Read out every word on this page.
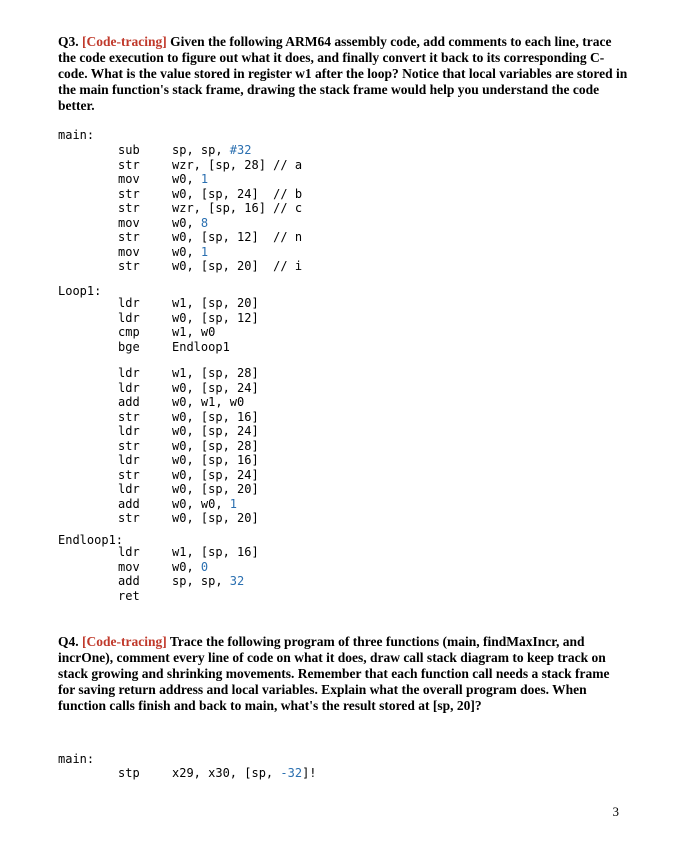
Q3. [Code-tracing] Given the following ARM64 assembly code, add comments to each line, trace the code execution to figure out what it does, and finally convert it back to its corresponding C-code. What is the value stored in register w1 after the loop? Notice that local variables are stored in the main function's stack frame, drawing the stack frame would help you understand the code better.
main:
sub	sp, sp, #32
str	wzr, [sp, 28] // a
mov	w0, 1
str	w0, [sp, 24]  // b
str	wzr, [sp, 16] // c
mov	w0, 8
str	w0, [sp, 12]  // n
mov	w0, 1
str	w0, [sp, 20]  // i
Loop1:
ldr	w1, [sp, 20]
ldr	w0, [sp, 12]
cmp	w1, w0
bge	Endloop1
ldr	w1, [sp, 28]
ldr	w0, [sp, 24]
add	w0, w1, w0
str	w0, [sp, 16]
ldr	w0, [sp, 24]
str	w0, [sp, 28]
ldr	w0, [sp, 16]
str	w0, [sp, 24]
ldr	w0, [sp, 20]
add	w0, w0, 1
str	w0, [sp, 20]
Endloop1:
ldr	w1, [sp, 16]
mov	w0, 0
add	sp, sp, 32
ret
Q4. [Code-tracing] Trace the following program of three functions (main, findMaxIncr, and incrOne), comment every line of code on what it does, draw call stack diagram to keep track on stack growing and shrinking movements. Remember that each function call needs a stack frame for saving return address and local variables. Explain what the overall program does. When function calls finish and back to main, what's the result stored at [sp, 20]?
main:
stp	x29, x30, [sp, -32]!
3
